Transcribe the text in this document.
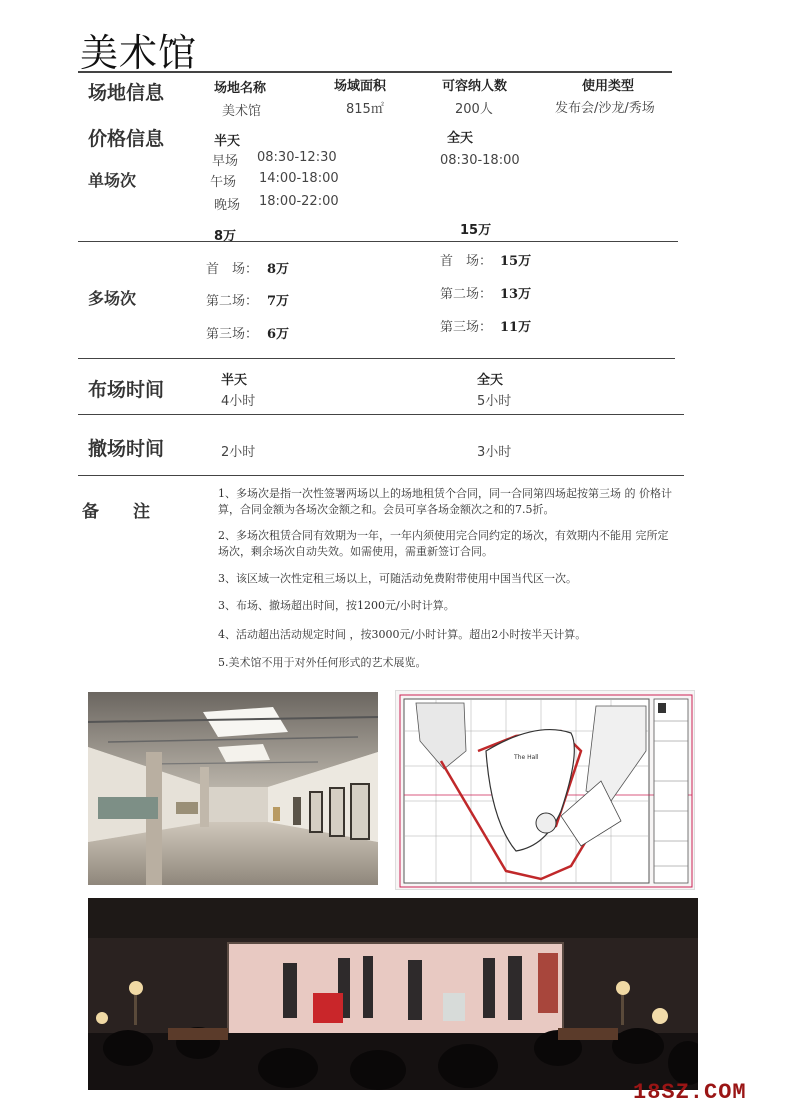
美术馆
场地信息	场地名称	场域面积	可容纳人数	使用类型
美术馆	815㎡	200人	发布会/沙龙/秀场
价格信息	半天	全天
单场次
早场 08:30-12:30
午场 14:00-18:00
晚场 18:00-22:00
08:30-18:00
8万	15万
多场次
首　场： 8万
第二场： 7万
第三场： 6万
首　场： 15万
第二场： 13万
第三场： 11万
布场时间	半天	全天
4小时	5小时
撤场时间	2小时	3小时
备　　注
1、多场次是指一次性签署两场以上的场地租赁个合同，同一合同第四场起按第三场 的 价格计算，合同金额为各场次金额之和。会员可享各场金额次之和的7.5折。
2、多场次租赁合同有效期为一年，一年内须使用完合同约定的场次，有效期内不能用 完所定场次，剩余场次自动失效。如需使用，需重新签订合同。
3、该区域一次性定租三场以上，可随活动免费附带使用中国当代区一次。
3、布场、撤场超出时间，按1200元/小时计算。
4、活动超出活动规定时间 ，按3000元/小时计算。超出2小时按半天计算。
5.美术馆不用于对外任何形式的艺术展览。
The Hall
18SZ.COM
